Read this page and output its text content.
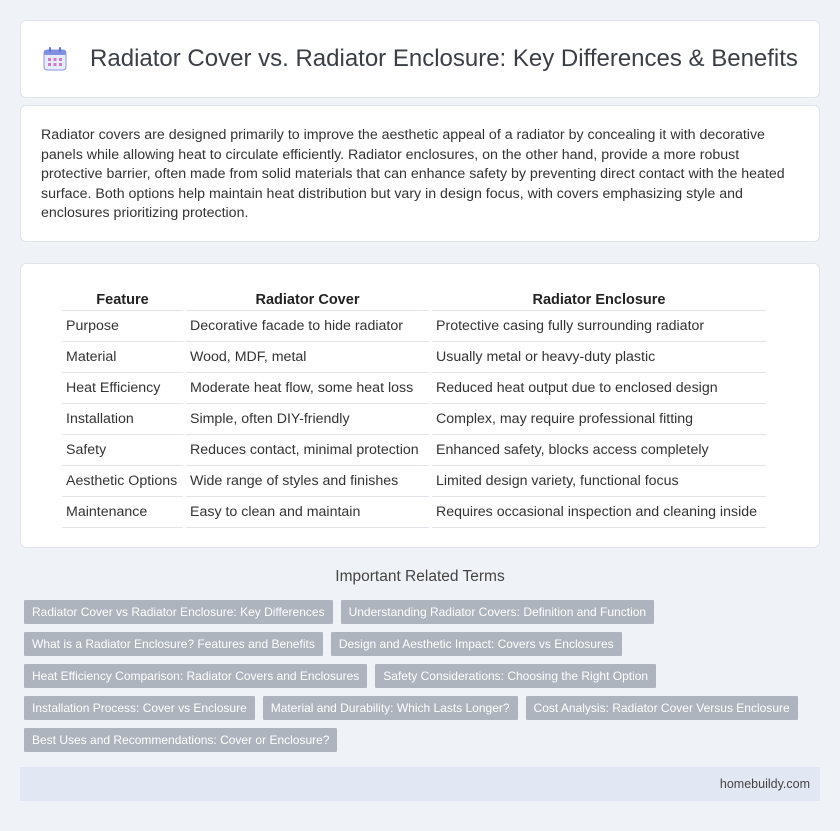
Radiator Cover vs. Radiator Enclosure: Key Differences & Benefits

Radiator covers are designed primarily to improve the aesthetic appeal of a radiator by concealing it with decorative panels while allowing heat to circulate efficiently. Radiator enclosures, on the other hand, provide a more robust protective barrier, often made from solid materials that can enhance safety by preventing direct contact with the heated surface. Both options help maintain heat distribution but vary in design focus, with covers emphasizing style and enclosures prioritizing protection.

Feature	Radiator Cover	Radiator Enclosure
Purpose	Decorative facade to hide radiator	Protective casing fully surrounding radiator
Material	Wood, MDF, metal	Usually metal or heavy-duty plastic
Heat Efficiency	Moderate heat flow, some heat loss	Reduced heat output due to enclosed design
Installation	Simple, often DIY-friendly	Complex, may require professional fitting
Safety	Reduces contact, minimal protection	Enhanced safety, blocks access completely
Aesthetic Options	Wide range of styles and finishes	Limited design variety, functional focus
Maintenance	Easy to clean and maintain	Requires occasional inspection and cleaning inside
Important Related Terms
Radiator Cover vs Radiator Enclosure: Key Differences	Understanding Radiator Covers: Definition and Function
What is a Radiator Enclosure? Features and Benefits	Design and Aesthetic Impact: Covers vs Enclosures
Heat Efficiency Comparison: Radiator Covers and Enclosures	Safety Considerations: Choosing the Right Option
Installation Process: Cover vs Enclosure	Material and Durability: Which Lasts Longer?	Cost Analysis: Radiator Cover Versus Enclosure
Best Uses and Recommendations: Cover or Enclosure?
homebuildy.com
